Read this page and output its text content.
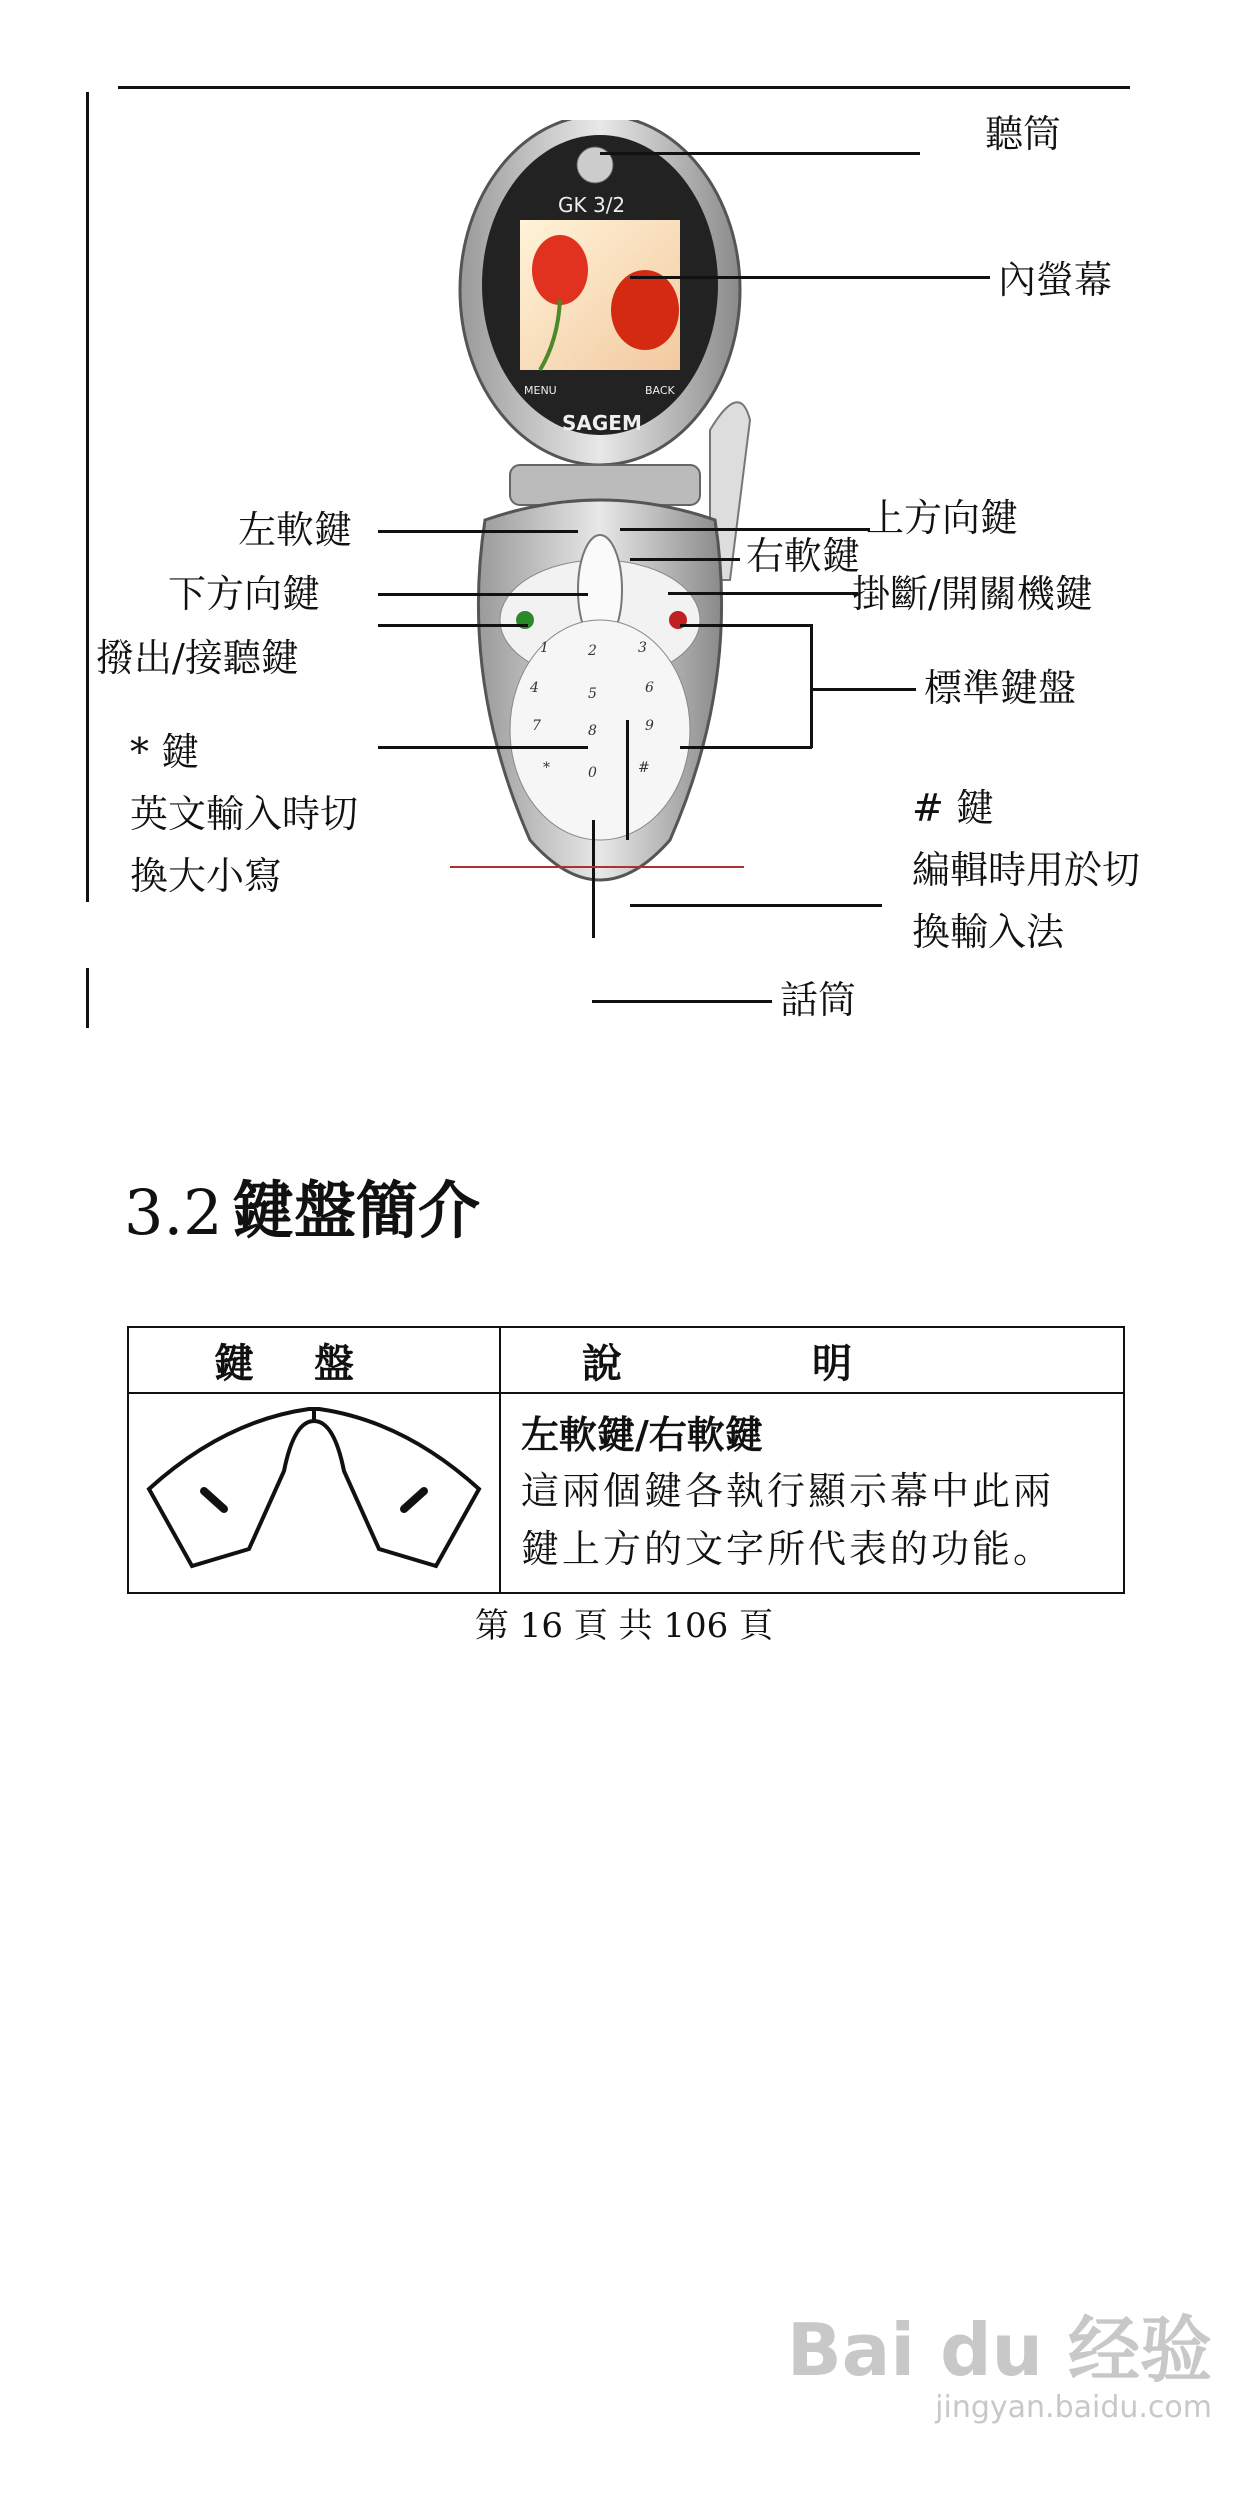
GK 3/2
MENU	BACK
SAGEM
1	2	3
4	5	6
7	8	9
*	0	#
聽筒
內螢幕
左軟鍵	上方向鍵
右軟鍵
下方向鍵	掛斷/開關機鍵
撥出/接聽鍵
標準鍵盤
* 鍵
英文輸入時切
換大小寫
# 鍵
編輯時用於切
換輸入法
話筒
3.2 鍵盤簡介
鍵盤	說明

左軟鍵/右軟鍵
這兩個鍵各執行顯示幕中此兩
鍵上方的文字所代表的功能。
第 16 頁 共 106 頁
Bai du 经验
jingyan.baidu.com
